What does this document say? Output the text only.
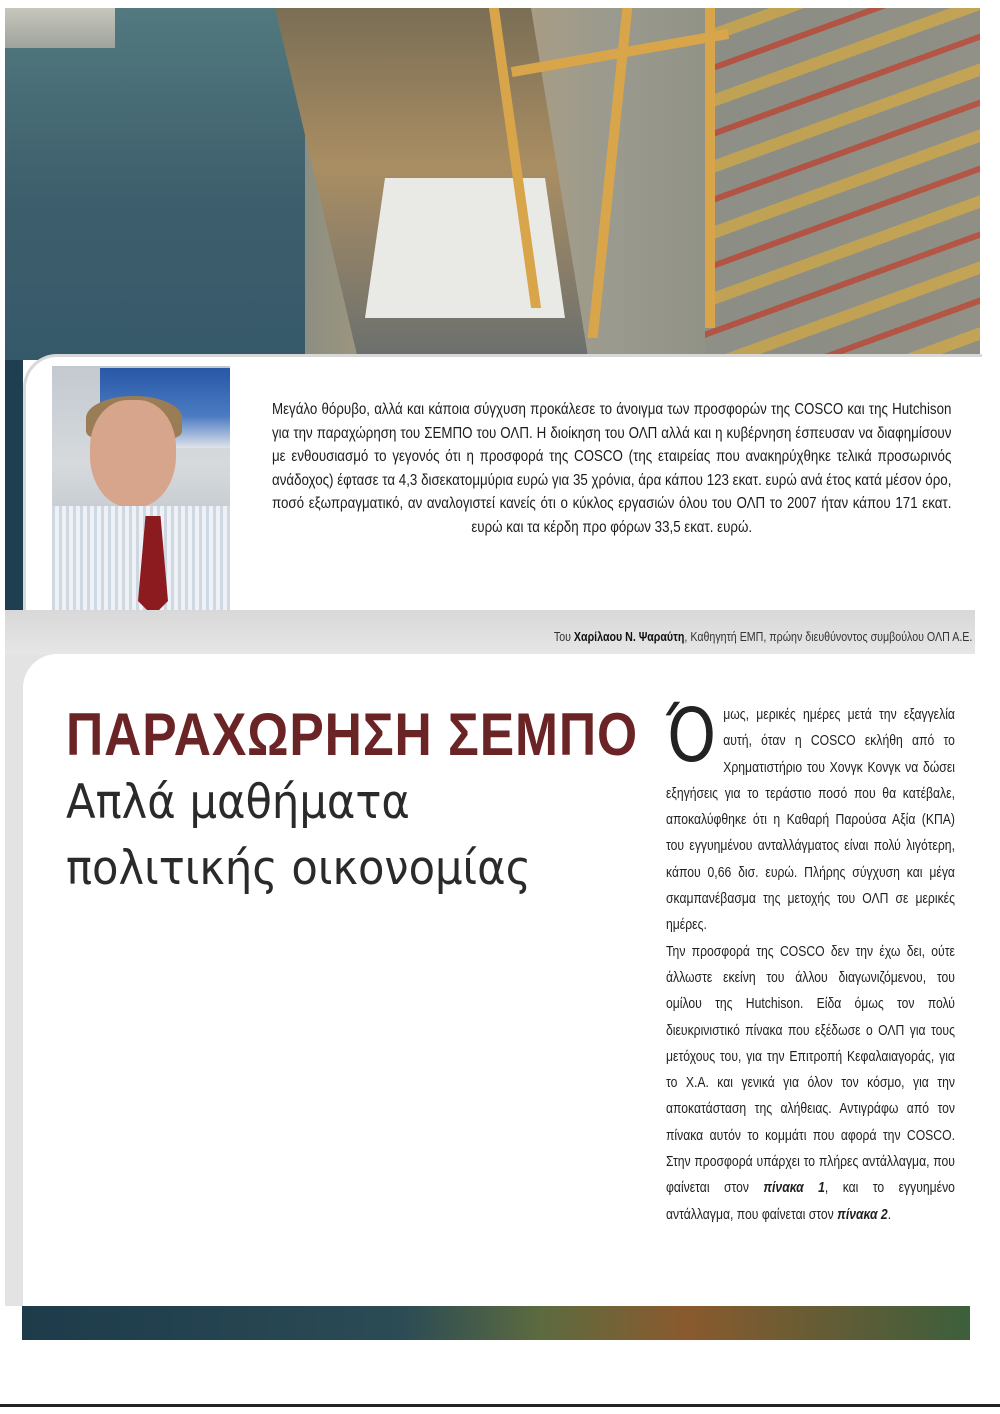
Μεγάλο θόρυβο, αλλά και κάποια σύγχυση προκάλεσε το άνοιγμα των προσφορών της COSCO και της Hutchison για την παραχώρηση του ΣΕΜΠΟ του ΟΛΠ. Η διοίκηση του ΟΛΠ αλλά και η κυβέρνηση έσπευσαν να διαφημίσουν με ενθουσιασμό το γεγονός ότι η προσφορά της COSCO (της εταιρείας που ανακηρύχθηκε τελικά προσωρινός ανάδοχος) έφτασε τα 4,3 δισεκατομμύρια ευρώ για 35 χρόνια, άρα κάπου 123 εκατ. ευρώ ανά έτος κατά μέσον όρο, ποσό εξωπραγματικό, αν αναλογιστεί κανείς ότι ο κύκλος εργασιών όλου του ΟΛΠ το 2007 ήταν κάπου 171 εκατ. ευρώ και τα κέρδη προ φόρων 33,5 εκατ. ευρώ.
Του Χαρίλαου Ν. Ψαραύτη, Καθηγητή ΕΜΠ, πρώην διευθύνοντος συμβούλου ΟΛΠ Α.Ε.
ΠΑΡΑΧΩΡΗΣΗ ΣΕΜΠΟ
Απλά μαθήματα
πολιτικής οικονομίας

Όμως, μερικές ημέρες μετά την εξαγγελία αυτή, όταν η COSCO εκλήθη από το Χρηματιστήριο του Χονγκ Κονγκ να δώσει εξηγήσεις για το τεράστιο ποσό που θα κατέβαλε, αποκαλύφθηκε ότι η Καθαρή Παρούσα Αξία (ΚΠΑ) του εγγυημένου ανταλλάγματος είναι πολύ λιγότερη, κάπου 0,66 δισ. ευρώ. Πλήρης σύγχυση και μέγα σκαμπανέβασμα της μετοχής του ΟΛΠ σε μερικές ημέρες.

Την προσφορά της COSCO δεν την έχω δει, ούτε άλλωστε εκείνη του άλλου διαγωνιζόμενου, του ομίλου της Hutchison. Είδα όμως τον πολύ διευκρινιστικό πίνακα που εξέδωσε ο ΟΛΠ για τους μετόχους του, για την Επιτροπή Κεφαλαιαγοράς, για το Χ.Α. και γενικά για όλον τον κόσμο, για την αποκατάσταση της αλήθειας. Αντιγράφω από τον πίνακα αυτόν το κομμάτι που αφορά την COSCO. Στην προσφορά υπάρχει το πλήρες αντάλλαγμα, που φαίνεται στον πίνακα 1, και το εγγυημένο αντάλλαγμα, που φαίνεται στον πίνακα 2.
